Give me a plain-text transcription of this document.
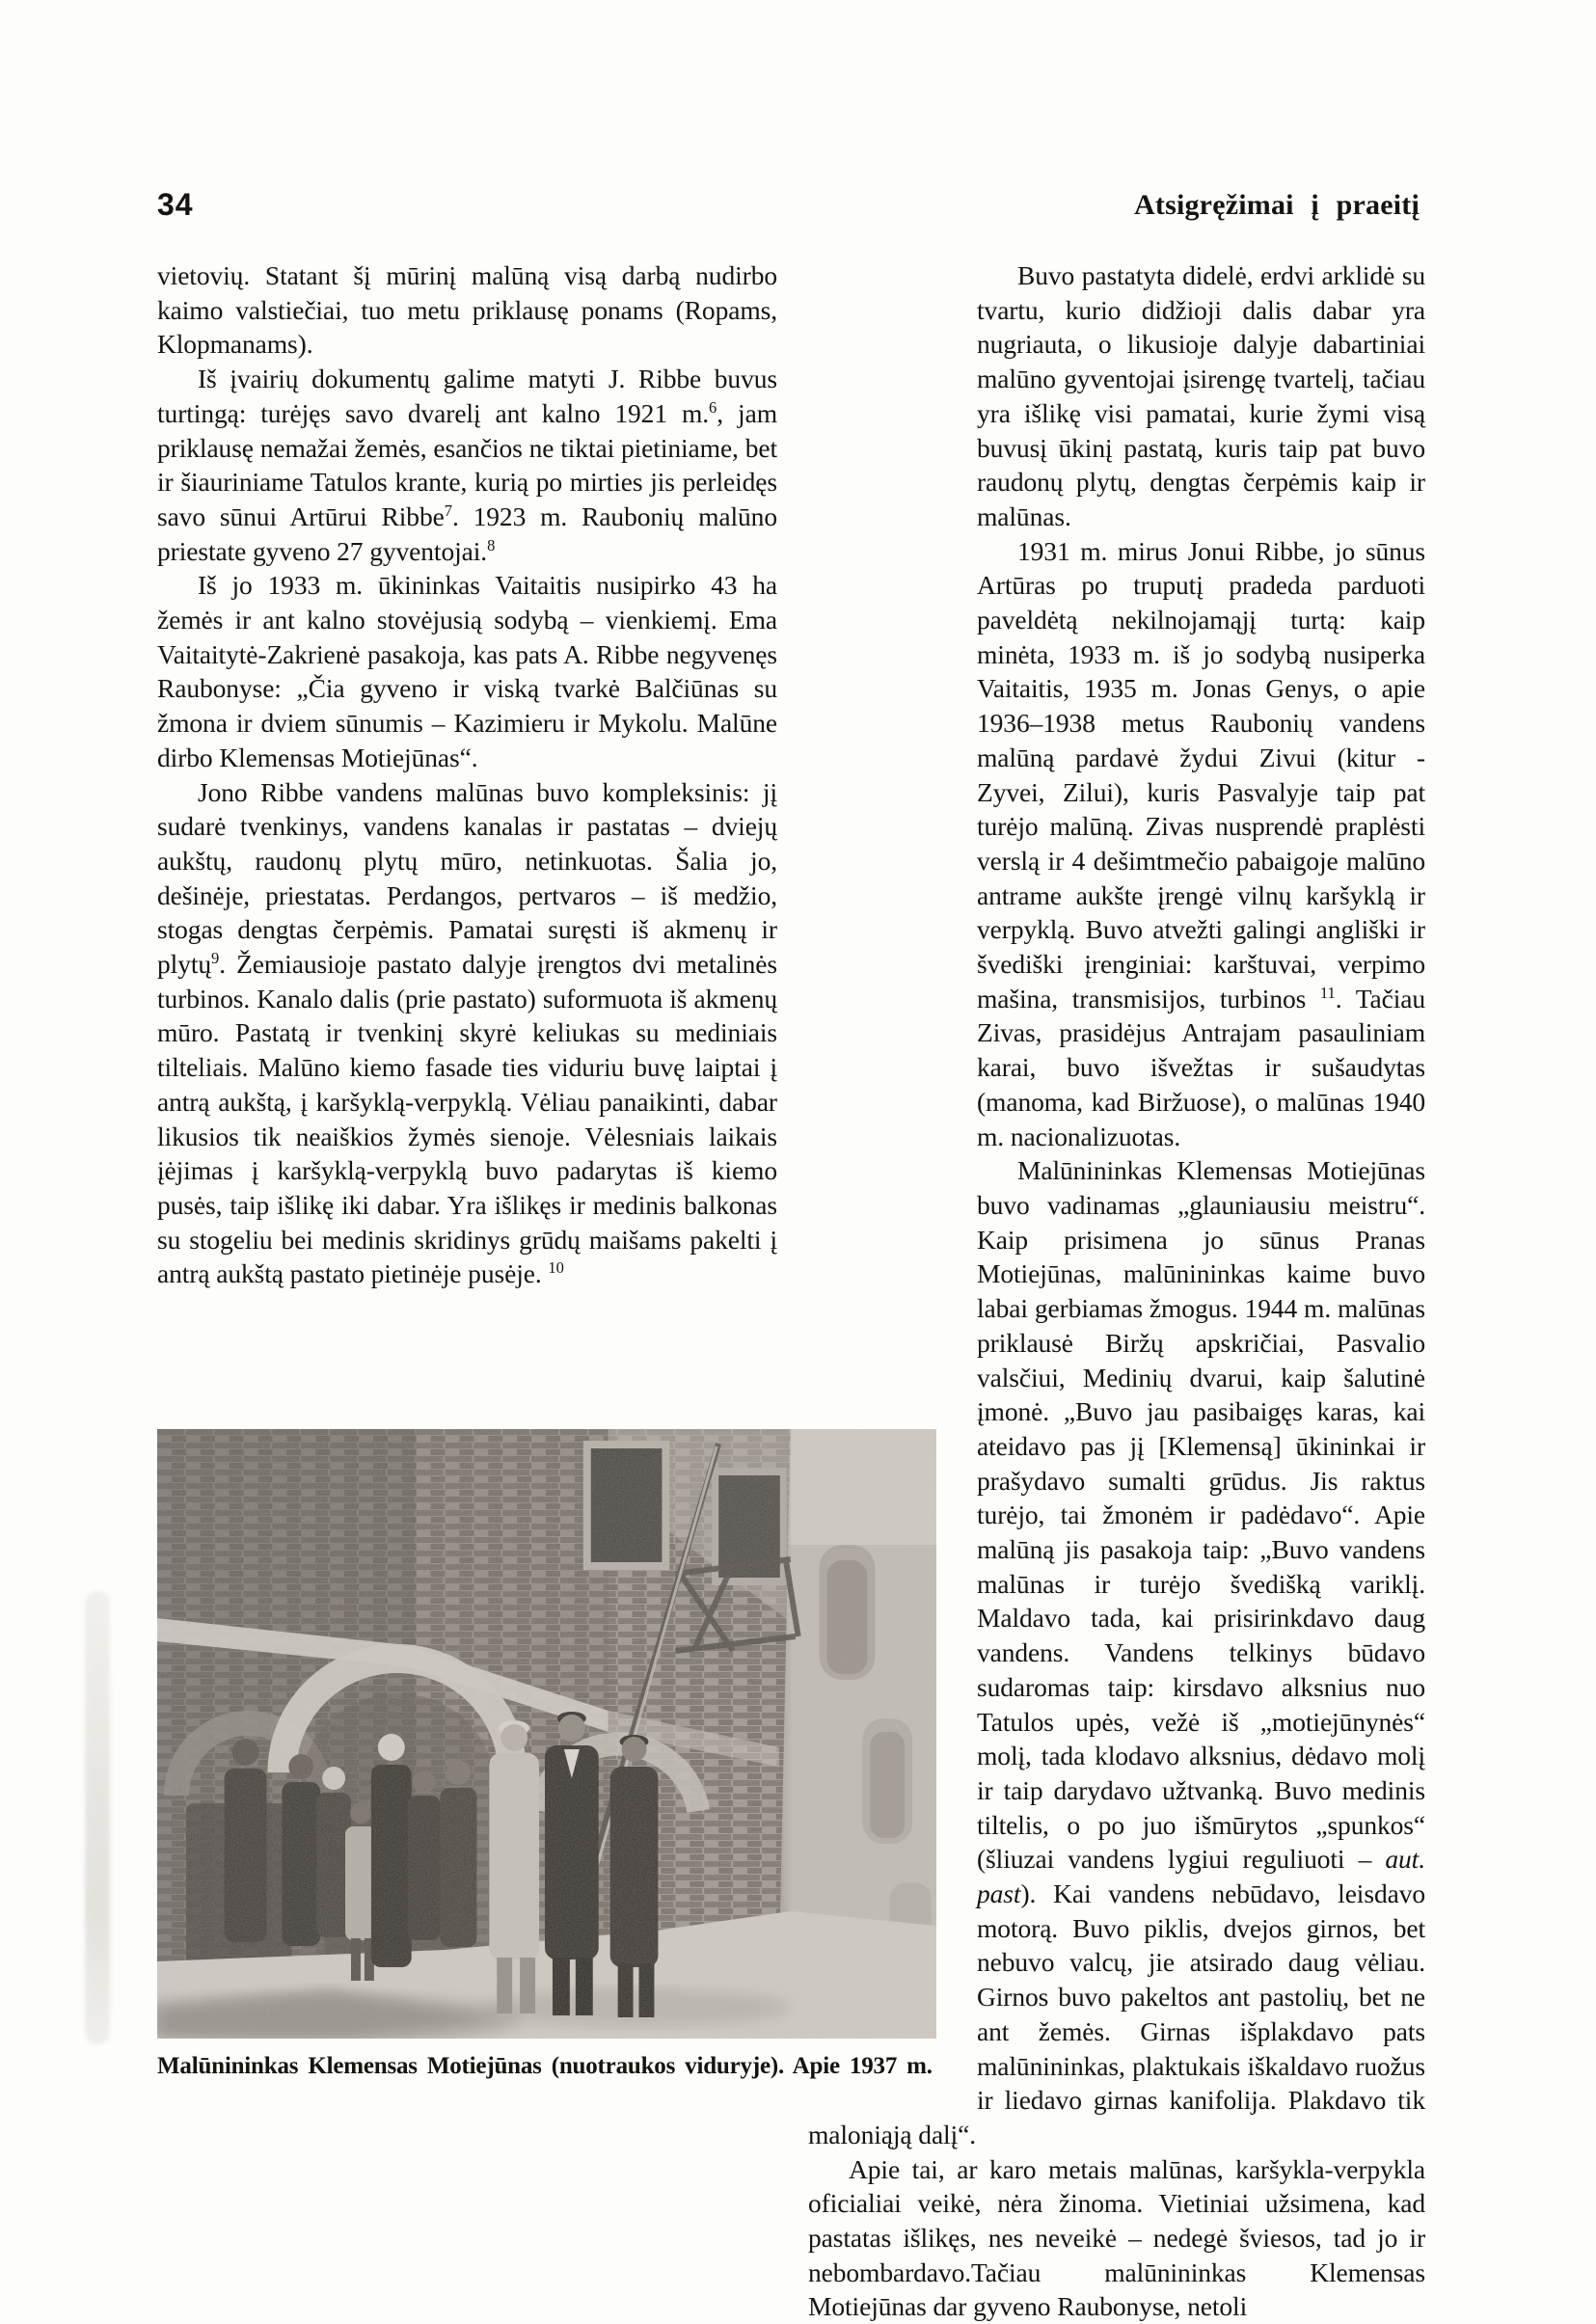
34	Atsigręžimai į praeitį

vietovių. Statant šį mūrinį malūną visą darbą nudirbo kaimo valstiečiai, tuo metu priklausę ponams (Ropams, Klopmanams).

Iš įvairių dokumentų galime matyti J. Ribbe buvus turtingą: turėjęs savo dvarelį ant kalno 1921 m.$^6$, jam priklausę nemažai žemės, esančios ne tiktai pietiniame, bet ir šiauriniame Tatulos krante, kurią po mirties jis perleidęs savo sūnui Artūrui Ribbe$^7$. 1923 m. Raubonių malūno priestate gyveno 27 gyventojai.$^8$

Iš jo 1933 m. ūkininkas Vaitaitis nusipirko 43 ha žemės ir ant kalno stovėjusią sodybą – vienkiemį. Ema Vaitaitytė-Zakrienė pasakoja, kas pats A. Ribbe negyvenęs Raubonyse: „Čia gyveno ir viską tvarkė Balčiūnas su žmona ir dviem sūnumis – Kazimieru ir Mykolu. Malūne dirbo Klemensas Motiejūnas“.

Jono Ribbe vandens malūnas buvo kompleksinis: jį sudarė tvenkinys, vandens kanalas ir pastatas – dviejų aukštų, raudonų plytų mūro, netinkuotas. Šalia jo, dešinėje, priestatas. Perdangos, pertvaros – iš medžio, stogas dengtas čerpėmis. Pamatai suręsti iš akmenų ir plytų$^9$. Žemiausioje pastato dalyje įrengtos dvi metalinės turbinos. Kanalo dalis (prie pastato) suformuota iš akmenų mūro. Pastatą ir tvenkinį skyrė keliukas su mediniais tilteliais. Malūno kiemo fasade ties viduriu buvę laiptai į antrą aukštą, į karšyklą-verpyklą. Vėliau panaikinti, dabar likusios tik neaiškios žymės sienoje. Vėlesniais laikais įėjimas į karšyklą-verpyklą buvo padarytas iš kiemo pusės, taip išlikę iki dabar. Yra išlikęs ir medinis balkonas su stogeliu bei medinis skridinys grūdų maišams pakelti į antrą aukštą pastato pietinėje pusėje. $^{10}$

Buvo pastatyta didelė, erdvi arklidė su tvartu, kurio didžioji dalis dabar yra nugriauta, o likusioje dalyje dabartiniai malūno gyventojai įsirengę tvartelį, tačiau yra išlikę visi pamatai, kurie žymi visą buvusį ūkinį pastatą, kuris taip pat buvo raudonų plytų, dengtas čerpėmis kaip ir malūnas.

1931 m. mirus Jonui Ribbe, jo sūnus Artūras po truputį pradeda parduoti paveldėtą nekilnojamąjį turtą: kaip minėta, 1933 m. iš jo sodybą nusiperka Vaitaitis, 1935 m. Jonas Genys, o apie 1936–1938 metus Raubonių vandens malūną pardavė žydui Zivui (kitur - Zyvei, Zilui), kuris Pasvalyje taip pat turėjo malūną. Zivas nusprendė praplėsti verslą ir 4 dešimtmečio pabaigoje malūno antrame aukšte įrengė vilnų karšyklą ir verpyklą. Buvo atvežti galingi angliški ir švediški įrenginiai: karštuvai, verpimo mašina, transmisijos, turbinos $^{11}$. Tačiau Zivas, prasidėjus Antrajam pasauliniam karai, buvo išvežtas ir sušaudytas (manoma, kad Biržuose), o malūnas 1940 m. nacionalizuotas.

Malūnininkas Klemensas Motiejūnas buvo vadinamas „glauniausiu meistru“. Kaip prisimena jo sūnus Pranas Motiejūnas, malūnininkas kaime buvo labai gerbiamas žmogus. 1944 m. malūnas priklausė Biržų apskričiai, Pasvalio valsčiui, Medinių dvarui, kaip šalutinė įmonė. „Buvo jau pasibaigęs karas, kai ateidavo pas jį [Klemensą] ūkininkai ir prašydavo sumalti grūdus. Jis raktus turėjo, tai žmonėm ir padėdavo“. Apie malūną jis pasakoja taip: „Buvo vandens malūnas ir turėjo švedišką variklį. Maldavo tada, kai prisirinkdavo daug vandens. Vandens telkinys būdavo sudaromas taip: kirsdavo alksnius nuo Tatulos upės, vežė iš „motiejūnynės“ molį, tada klodavo alksnius, dėdavo molį ir taip darydavo užtvanką. Buvo medinis tiltelis, o po juo išmūrytos „spunkos“ (šliuzai vandens lygiui reguliuoti – aut. past). Kai vandens nebūdavo, leisdavo motorą. Buvo piklis, dvejos girnos, bet nebuvo valcų, jie atsirado daug vėliau. Girnos buvo pakeltos ant pastolių, bet ne ant žemės. Girnas išplakdavo pats malūnininkas, plaktukais iškaldavo ruožus ir liedavo girnas kanifolija. Plakdavo tik maloniąją dalį“.

Apie tai, ar karo metais malūnas, karšykla-verpykla oficialiai veikė, nėra žinoma. Vietiniai užsimena, kad pastatas išlikęs, nes neveikė – nedegė šviesos, tad jo ir nebombardavo.Tačiau malūnininkas Klemensas Motiejūnas dar gyveno Raubonyse, netoli

Malūnininkas Klemensas Motiejūnas (nuotraukos viduryje). Apie 1937 m.
